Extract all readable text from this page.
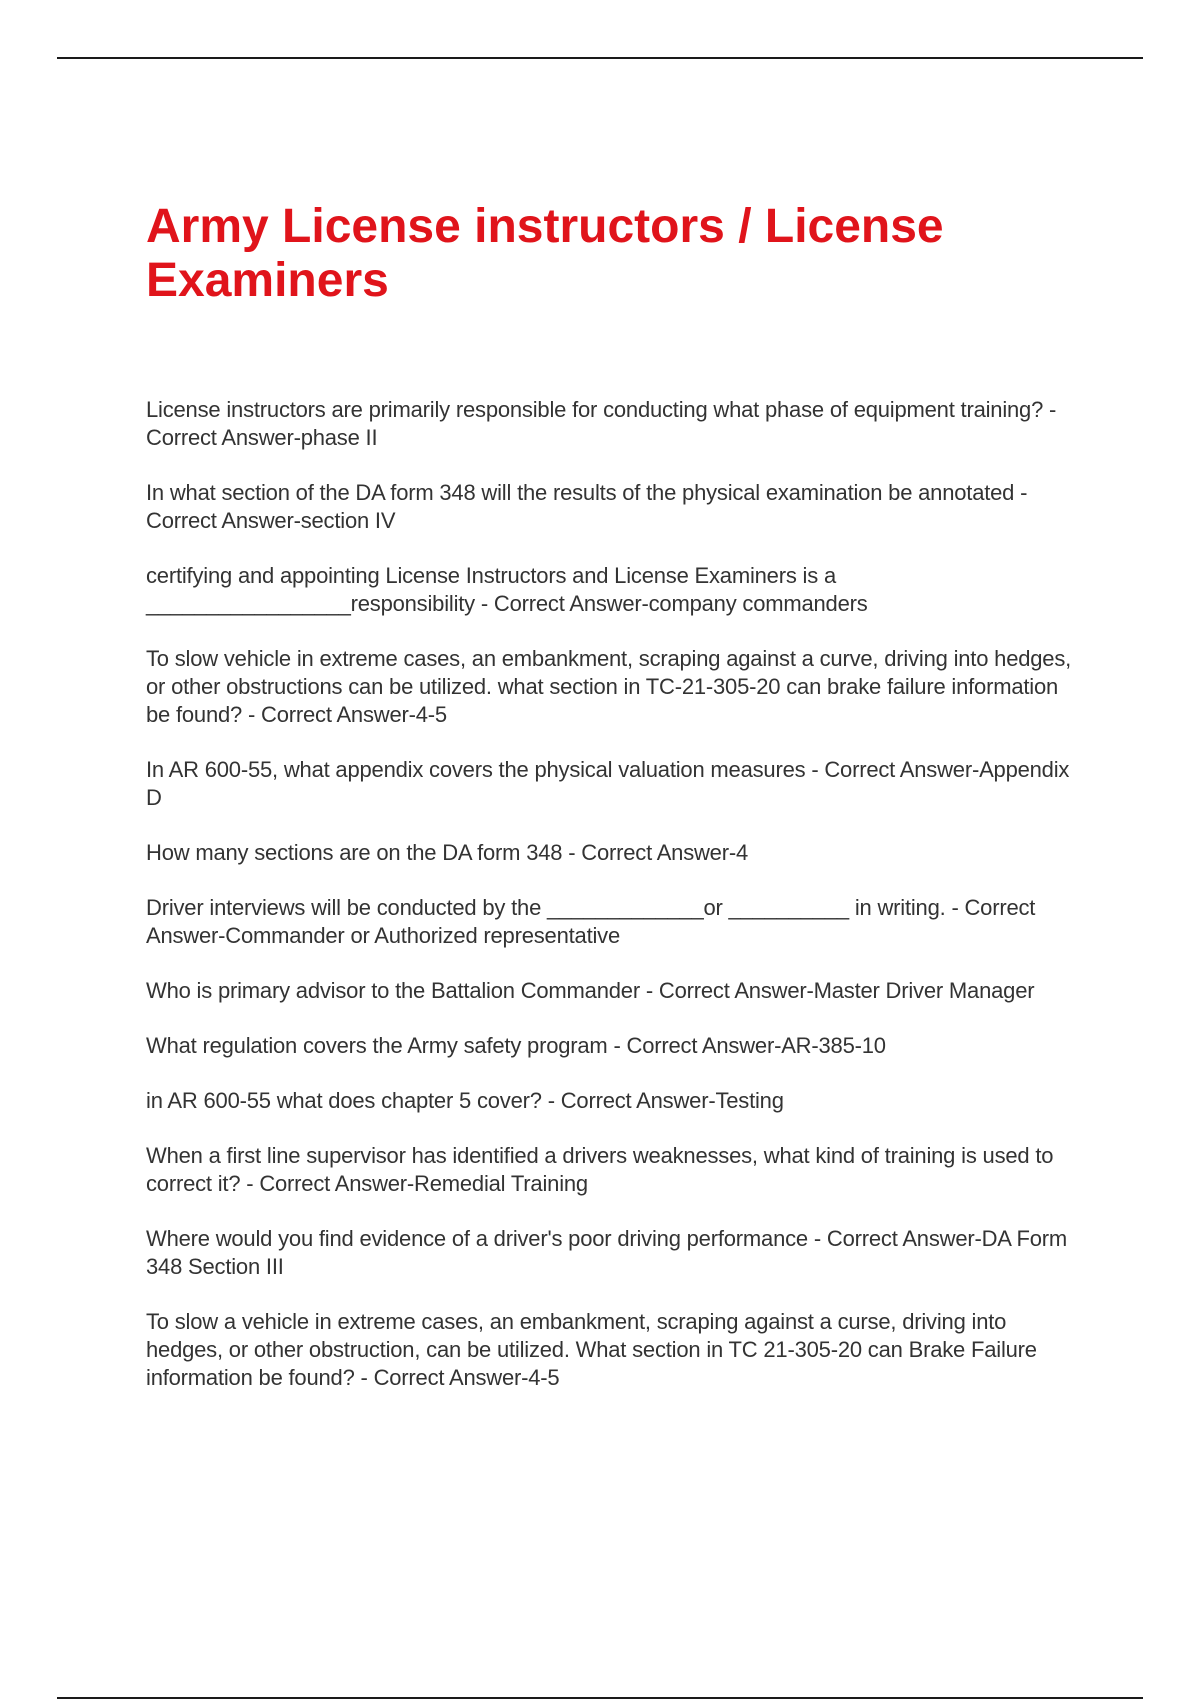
Army License instructors / License Examiners
License instructors are primarily responsible for conducting what phase of equipment training? - Correct Answer-phase II
In what section of the DA form 348 will the results of the physical examination be annotated - Correct Answer-section IV
certifying and appointing License Instructors and License Examiners is a _________________responsibility - Correct Answer-company commanders
To slow vehicle in extreme cases, an embankment, scraping against a curve, driving into hedges, or other obstructions can be utilized. what section in TC-21-305-20 can brake failure information be found? - Correct Answer-4-5
In AR 600-55, what appendix covers the physical valuation measures - Correct Answer-Appendix D
How many sections are on the DA form 348 - Correct Answer-4
Driver interviews will be conducted by the _____________or __________ in writing. - Correct Answer-Commander or Authorized representative
Who is primary advisor to the Battalion Commander - Correct Answer-Master Driver Manager
What regulation covers the Army safety program - Correct Answer-AR-385-10
in AR 600-55 what does chapter 5 cover? - Correct Answer-Testing
When a first line supervisor has identified a drivers weaknesses, what kind of training is used to correct it? - Correct Answer-Remedial Training
Where would you find evidence of a driver's poor driving performance - Correct Answer-DA Form 348 Section III
To slow a vehicle in extreme cases, an embankment, scraping against a curse, driving into hedges, or other obstruction, can be utilized. What section in TC 21-305-20 can Brake Failure information be found? - Correct Answer-4-5
